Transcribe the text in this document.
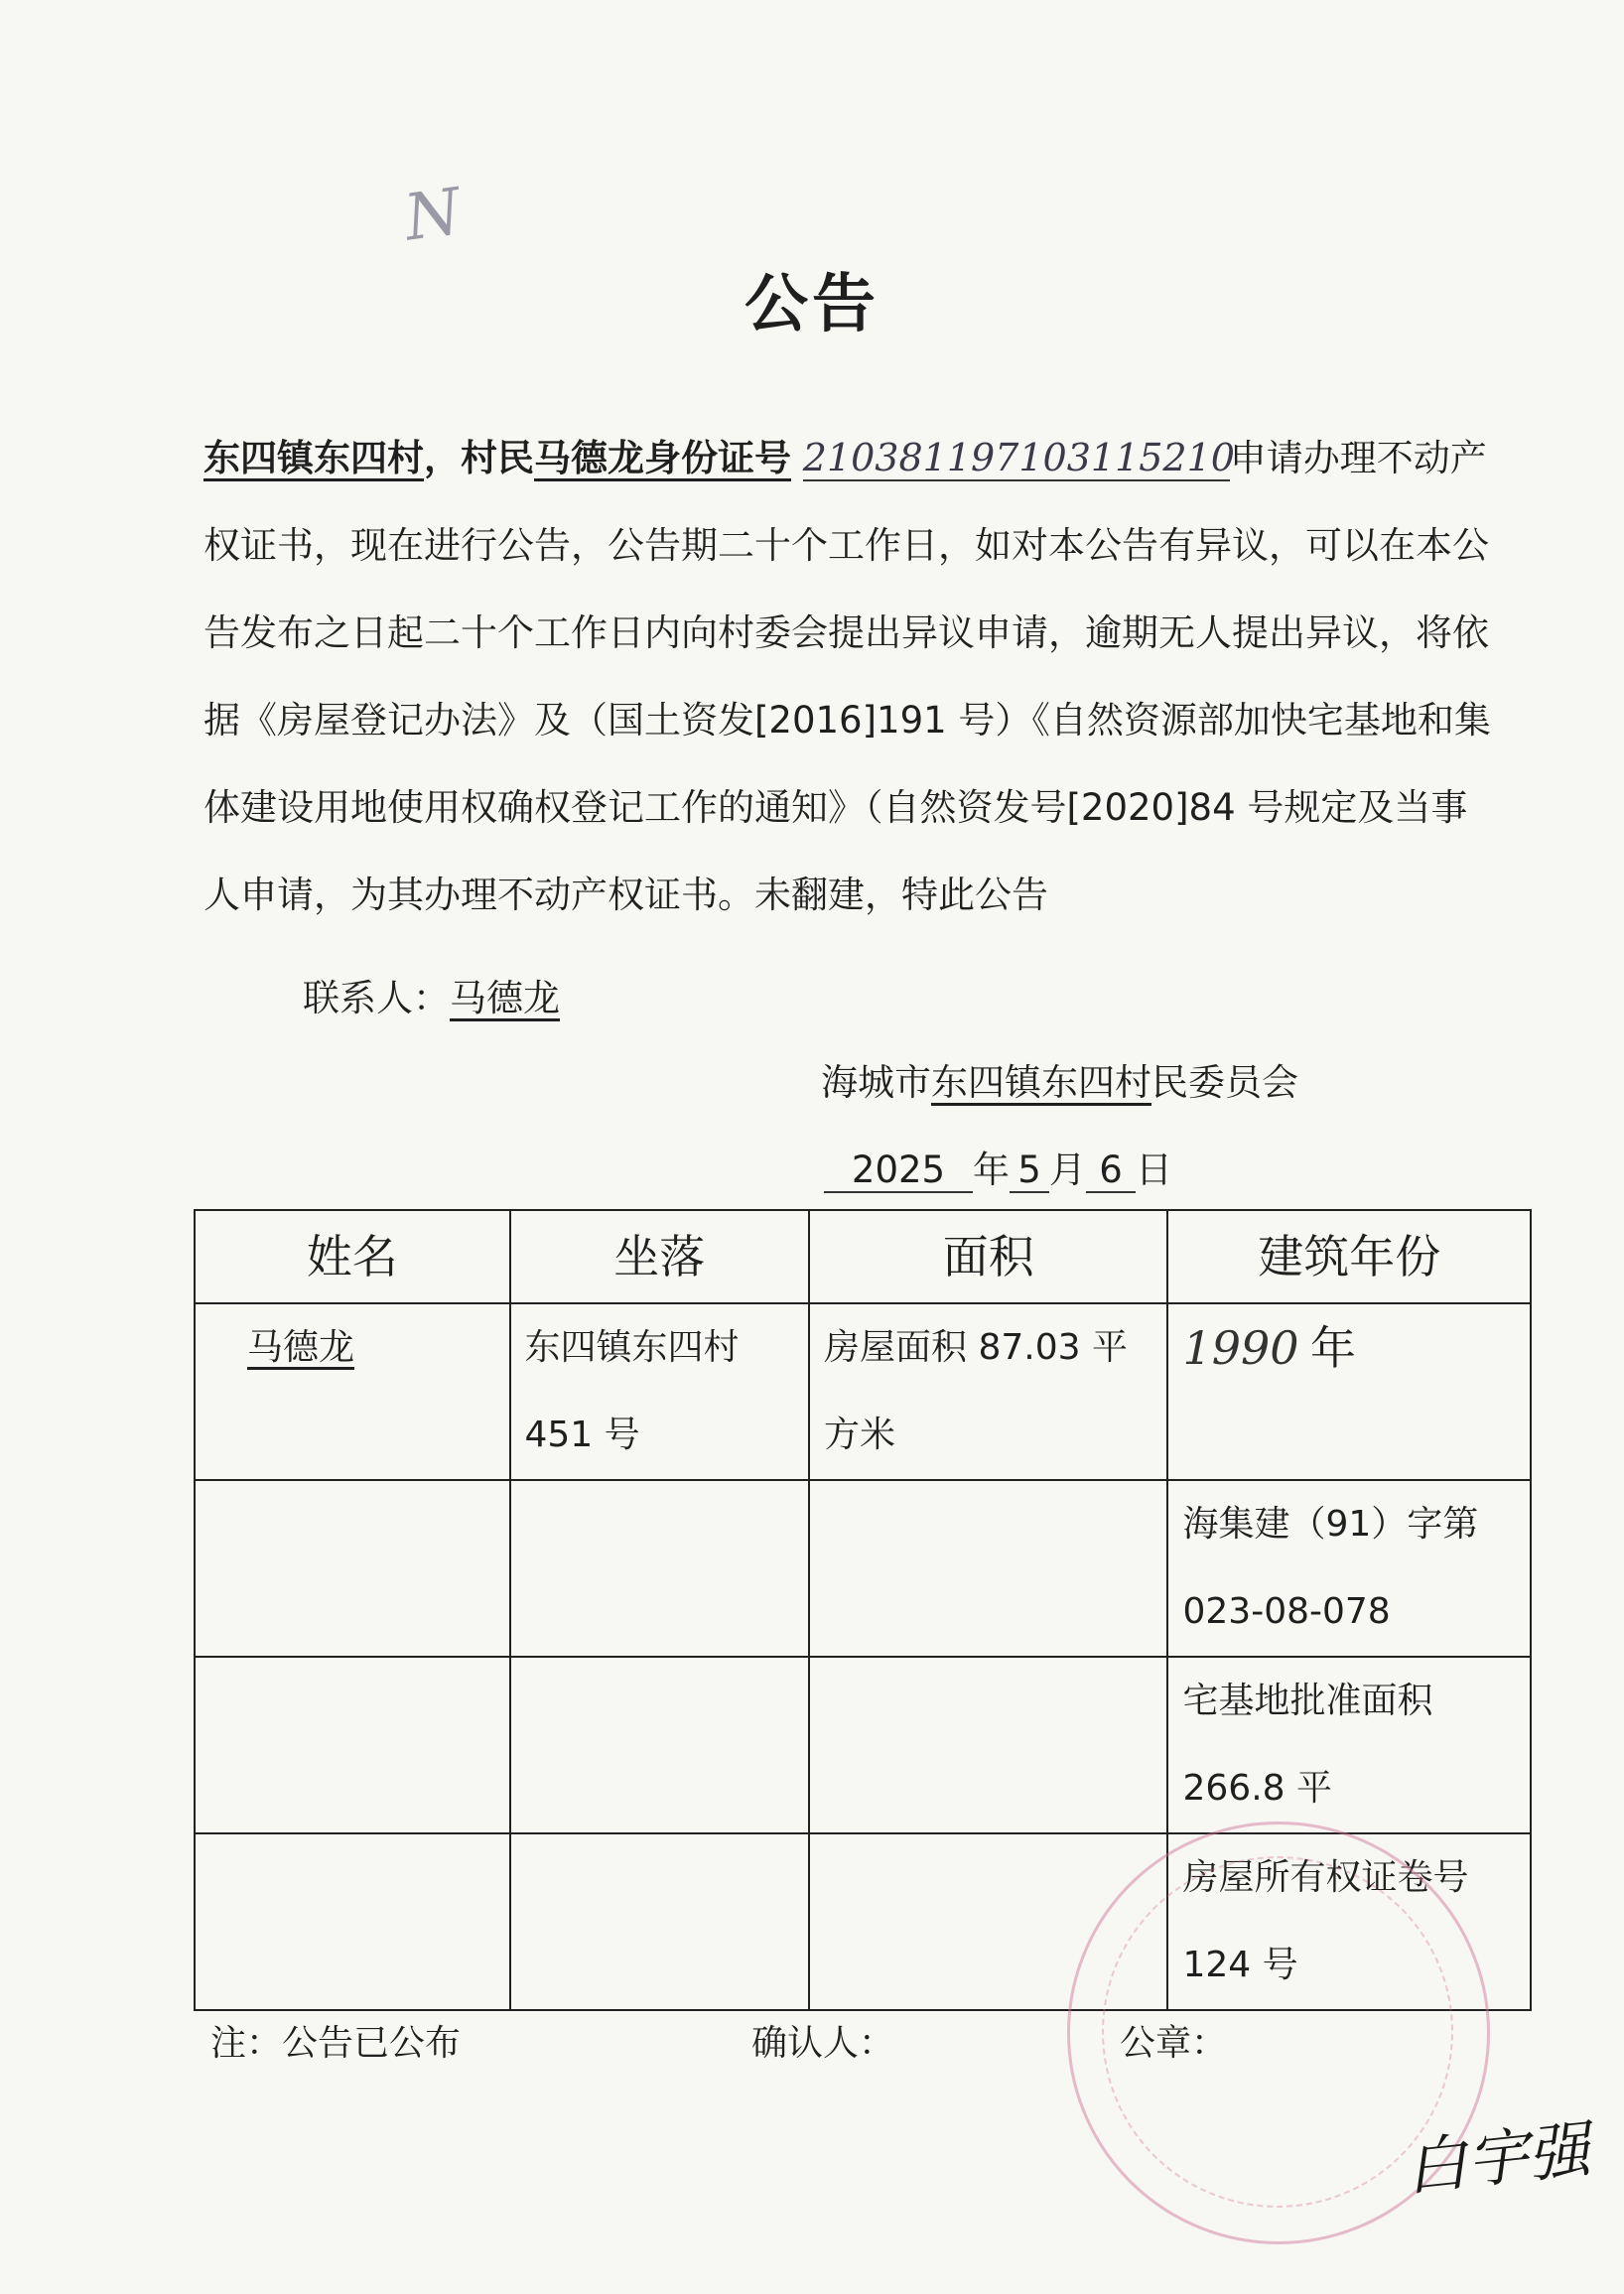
N
公告

东四镇东四村，村民马德龙身份证号 210381197103115210申请办理不动产权证书，现在进行公告，公告期二十个工作日，如对本公告有异议，可以在本公告发布之日起二十个工作日内向村委会提出异议申请，逾期无人提出异议，将依据《房屋登记办法》及（国土资发[2016]191 号）《自然资源部加快宅基地和集体建设用地使用权确权登记工作的通知》（自然资发号[2020]84 号规定及当事人申请，为其办理不动产权证书。未翻建，特此公告

联系人：马德龙
海城市东四镇东四村民委员会
2025 年 5 月 6 日
姓名	坐落	面积	建筑年份
马德龙	东四镇东四村 451 号	房屋面积 87.03 平方米	1990 年
			海集建（91）字第 023-08-078
			宅基地批准面积 266.8 平
			房屋所有权证卷号 124 号
注：公告已公布	确认人：	公章：
白宇强
